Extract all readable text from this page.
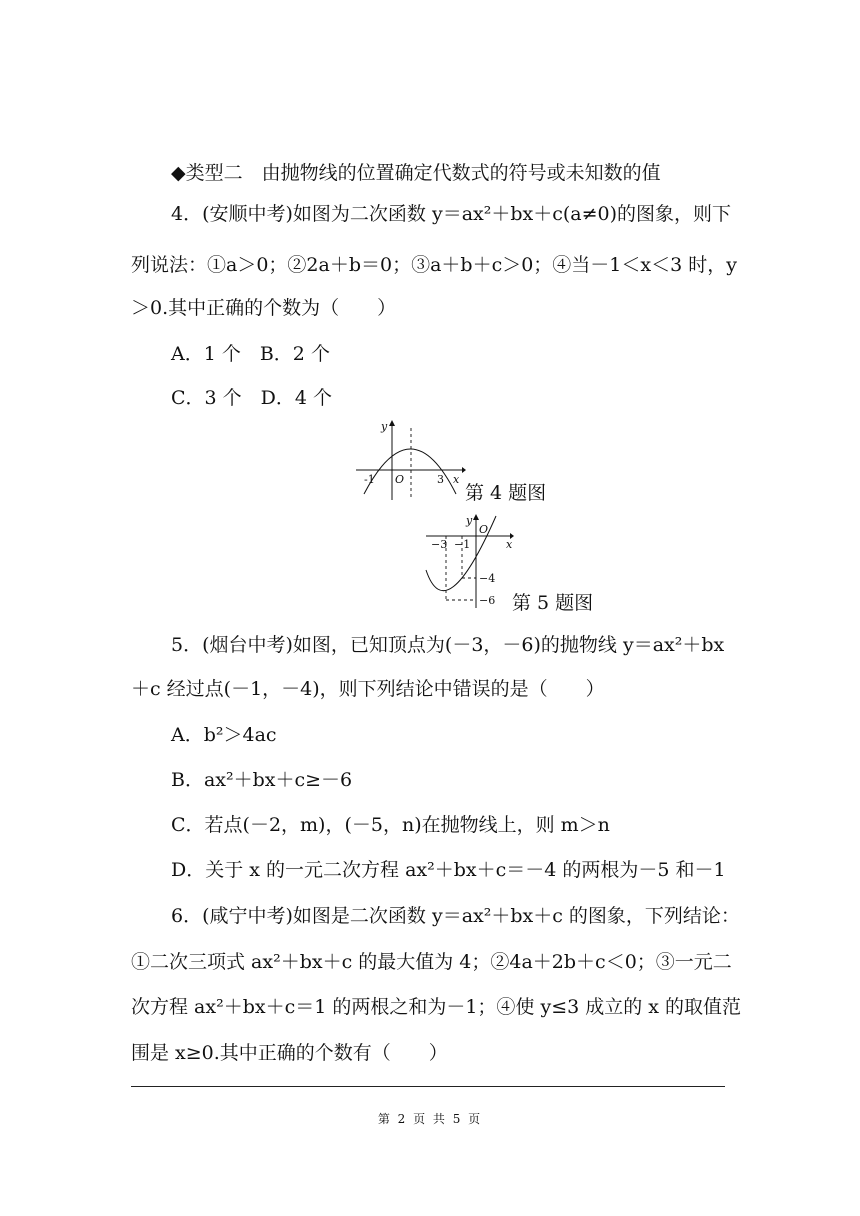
◆类型二　由抛物线的位置确定代数式的符号或未知数的值
4．(安顺中考)如图为二次函数 y＝ax²＋bx＋c(a≠0)的图象，则下
列说法：①a＞0；②2a＋b＝0；③a＋b＋c＞0；④当－1＜x＜3 时，y
＞0.其中正确的个数为（　　）
A．1 个　B．2 个
C．3 个　D．4 个
y
-1 O	3 x
第 4 题图
y
O
x
−3 −1
−4
−6 第 5 题图
5．(烟台中考)如图，已知顶点为(－3，－6)的抛物线 y＝ax²＋bx
＋c 经过点(－1，－4)，则下列结论中错误的是（　　）
A．b²＞4ac
B．ax²＋bx＋c≥－6
C．若点(－2，m)，(－5，n)在抛物线上，则 m＞n
D．关于 x 的一元二次方程 ax²＋bx＋c＝－4 的两根为－5 和－1
6．(咸宁中考)如图是二次函数 y＝ax²＋bx＋c 的图象，下列结论：
①二次三项式 ax²＋bx＋c 的最大值为 4；②4a＋2b＋c＜0；③一元二
次方程 ax²＋bx＋c＝1 的两根之和为－1；④使 y≤3 成立的 x 的取值范
围是 x≥0.其中正确的个数有（　　）
第 2 页 共 5 页
